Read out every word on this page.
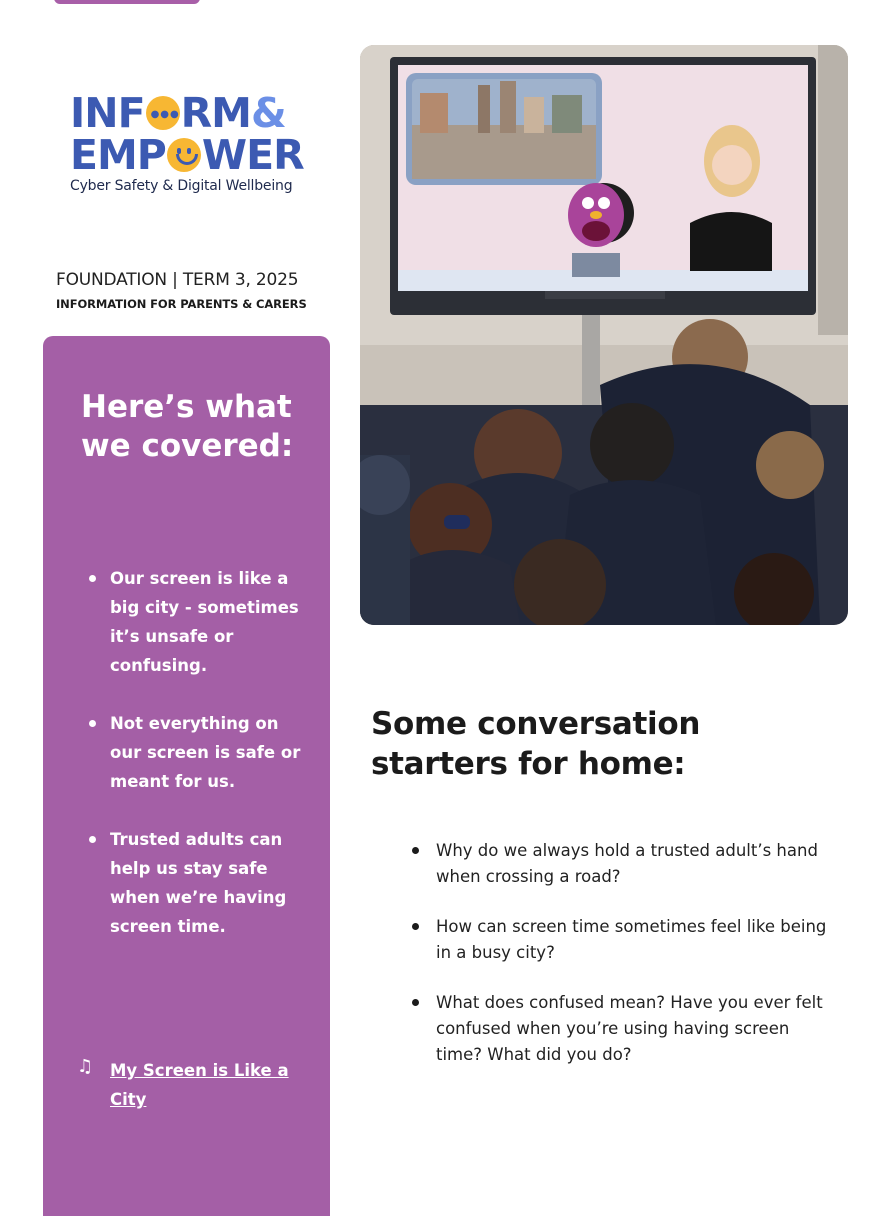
INF ●●● RM &
EMP WER
Cyber Safety & Digital Wellbeing
FOUNDATION | TERM 3, 2025
INFORMATION FOR PARENTS & CARERS
Here’s what we covered:
Our screen is like a big city - sometimes it’s unsafe or confusing.
Not everything on our screen is safe or meant for us.
Trusted adults can help us stay safe when we’re having screen time.
♫ My Screen is Like a City
Some conversation starters for home:
Why do we always hold a trusted adult’s hand when crossing a road?
How can screen time sometimes feel like being in a busy city?
What does confused mean? Have you ever felt confused when you’re using having screen time? What did you do?
